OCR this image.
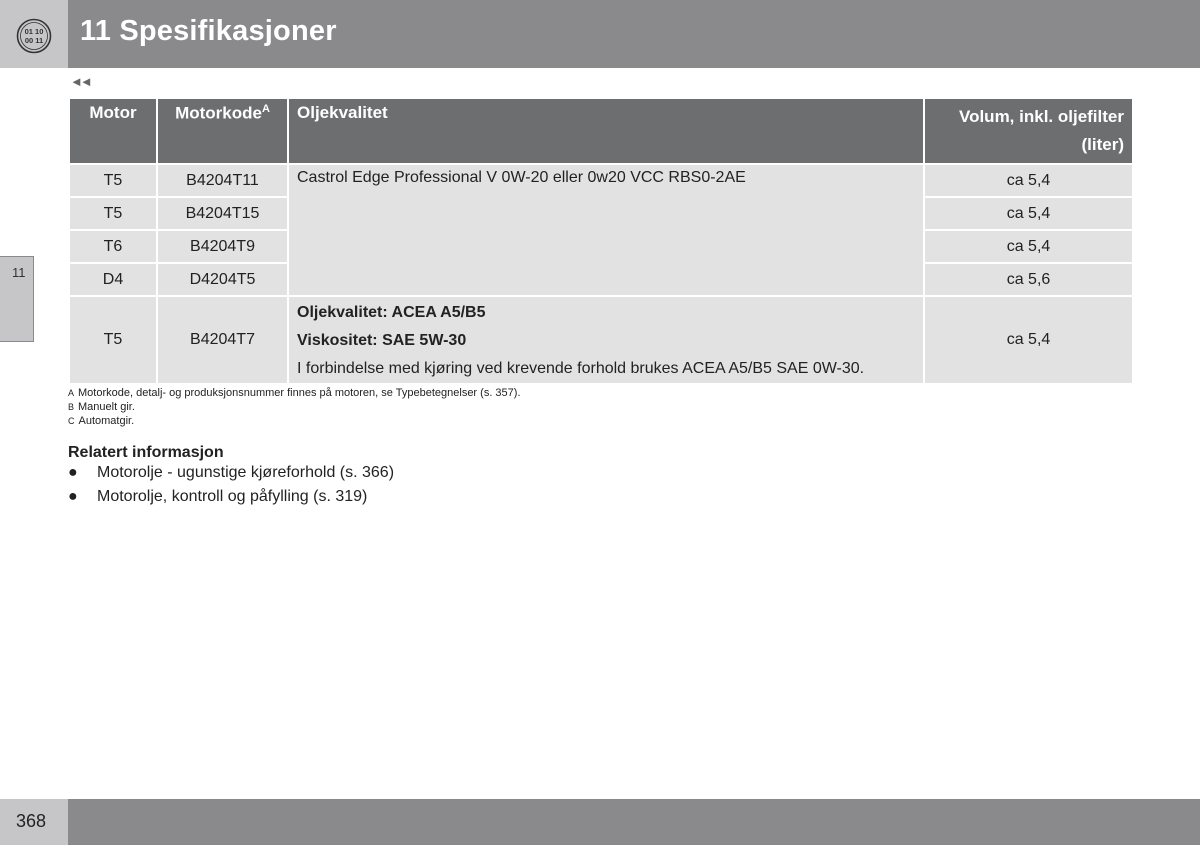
01 10
00 11 11 Spesifikasjoner
◄◄
11
Motor	Motorkode$^A$	Oljekvalitet	Volum, inkl. oljefilter
(liter)
T5	B4204T11	Castrol Edge Professional V 0W-20 eller 0w20 VCC RBS0-2AE	ca 5,4
T5	B4204T15		ca 5,4
T6	B4204T9		ca 5,4
D4	D4204T5		ca 5,6
T5	B4204T7	Oljekvalitet: ACEA A5/B5

Viskositet: SAE 5W-30

I forbindelse med kjøring ved krevende forhold brukes ACEA A5/B5 SAE 0W-30.	ca 5,4
A Motorkode, detalj- og produksjonsnummer finnes på motoren, se Typebetegnelser (s. 357).
B Manuelt gir.
C Automatgir.
Relatert informasjon
● Motorolje - ugunstige kjøreforhold (s. 366)
● Motorolje, kontroll og påfylling (s. 319)
368
